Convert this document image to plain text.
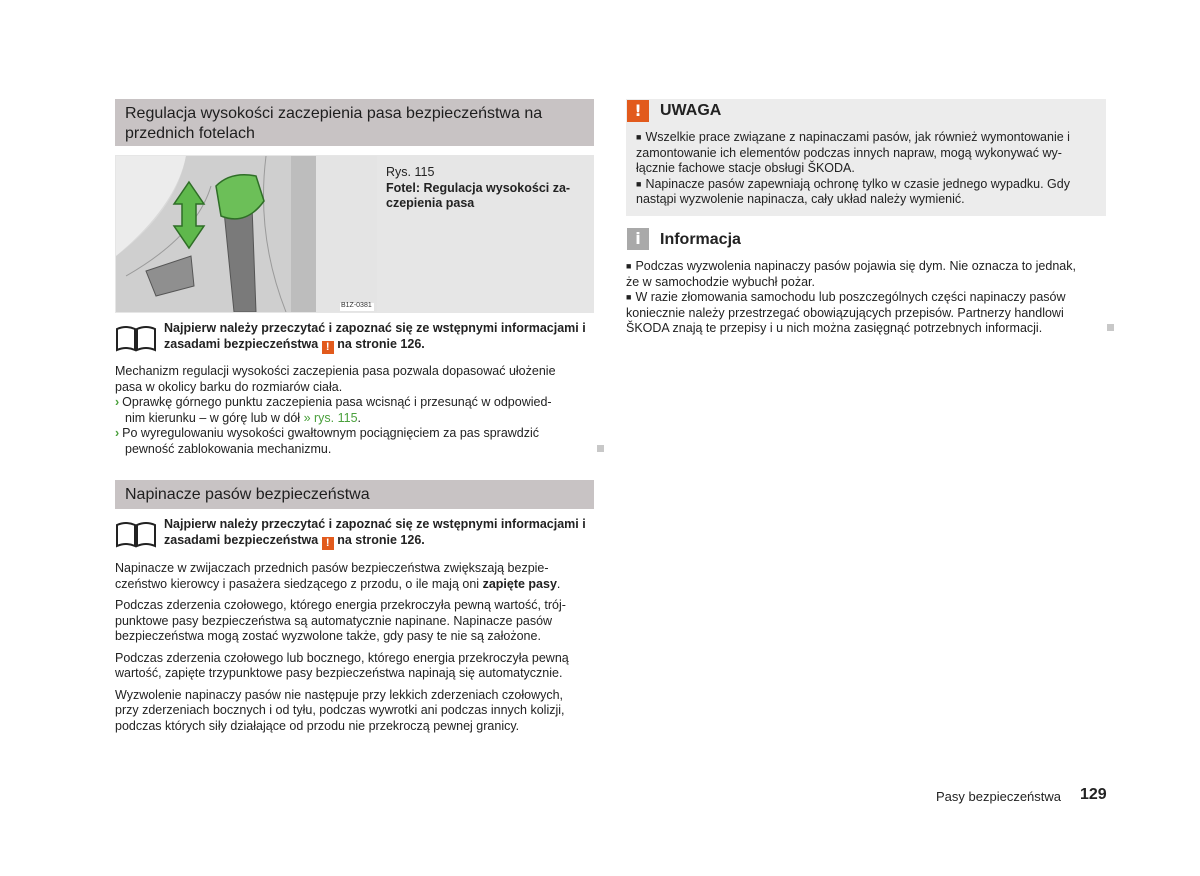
Regulacja wysokości zaczepienia pasa bezpieczeństwa na
przednich fotelach
B1Z-0381
Rys. 115
Fotel: Regulacja wysokości za-
czepienia pasa
Najpierw należy przeczytać i zapoznać się ze wstępnymi informacjami i
zasadami bezpieczeństwa ! na stronie 126.
Mechanizm regulacji wysokości zaczepienia pasa pozwala dopasować ułożenie
pasa w okolicy barku do rozmiarów ciała.
› Oprawkę górnego punktu zaczepienia pasa wcisnąć i przesunąć w odpowied-
nim kierunku – w górę lub w dół » rys. 115.
› Po wyregulowaniu wysokości gwałtownym pociągnięciem za pas sprawdzić
pewność zablokowania mechanizmu.
Napinacze pasów bezpieczeństwa
Najpierw należy przeczytać i zapoznać się ze wstępnymi informacjami i
zasadami bezpieczeństwa ! na stronie 126.
Napinacze w zwijaczach przednich pasów bezpieczeństwa zwiększają bezpie-
czeństwo kierowcy i pasażera siedzącego z przodu, o ile mają oni zapięte pasy.
Podczas zderzenia czołowego, którego energia przekroczyła pewną wartość, trój-
punktowe pasy bezpieczeństwa są automatycznie napinane. Napinacze pasów
bezpieczeństwa mogą zostać wyzwolone także, gdy pasy te nie są założone.
Podczas zderzenia czołowego lub bocznego, którego energia przekroczyła pewną
wartość, zapięte trzypunktowe pasy bezpieczeństwa napinają się automatycznie.
Wyzwolenie napinaczy pasów nie następuje przy lekkich zderzeniach czołowych,
przy zderzeniach bocznych i od tyłu, podczas wywrotki ani podczas innych kolizji,
podczas których siły działające od przodu nie przekroczą pewnej granicy.
!	UWAGA
■ Wszelkie prace związane z napinaczami pasów, jak również wymontowanie i
zamontowanie ich elementów podczas innych napraw, mogą wykonywać wy-
łącznie fachowe stacje obsługi ŠKODA.
■ Napinacze pasów zapewniają ochronę tylko w czasie jednego wypadku. Gdy
nastąpi wyzwolenie napinacza, cały układ należy wymienić.
i	Informacja
■ Podczas wyzwolenia napinaczy pasów pojawia się dym. Nie oznacza to jednak,
że w samochodzie wybuchł pożar.
■ W razie złomowania samochodu lub poszczególnych części napinaczy pasów
koniecznie należy przestrzegać obowiązujących przepisów. Partnerzy handlowi
ŠKODA znają te przepisy i u nich można zasięgnąć potrzebnych informacji.
Pasy bezpieczeństwa 129
